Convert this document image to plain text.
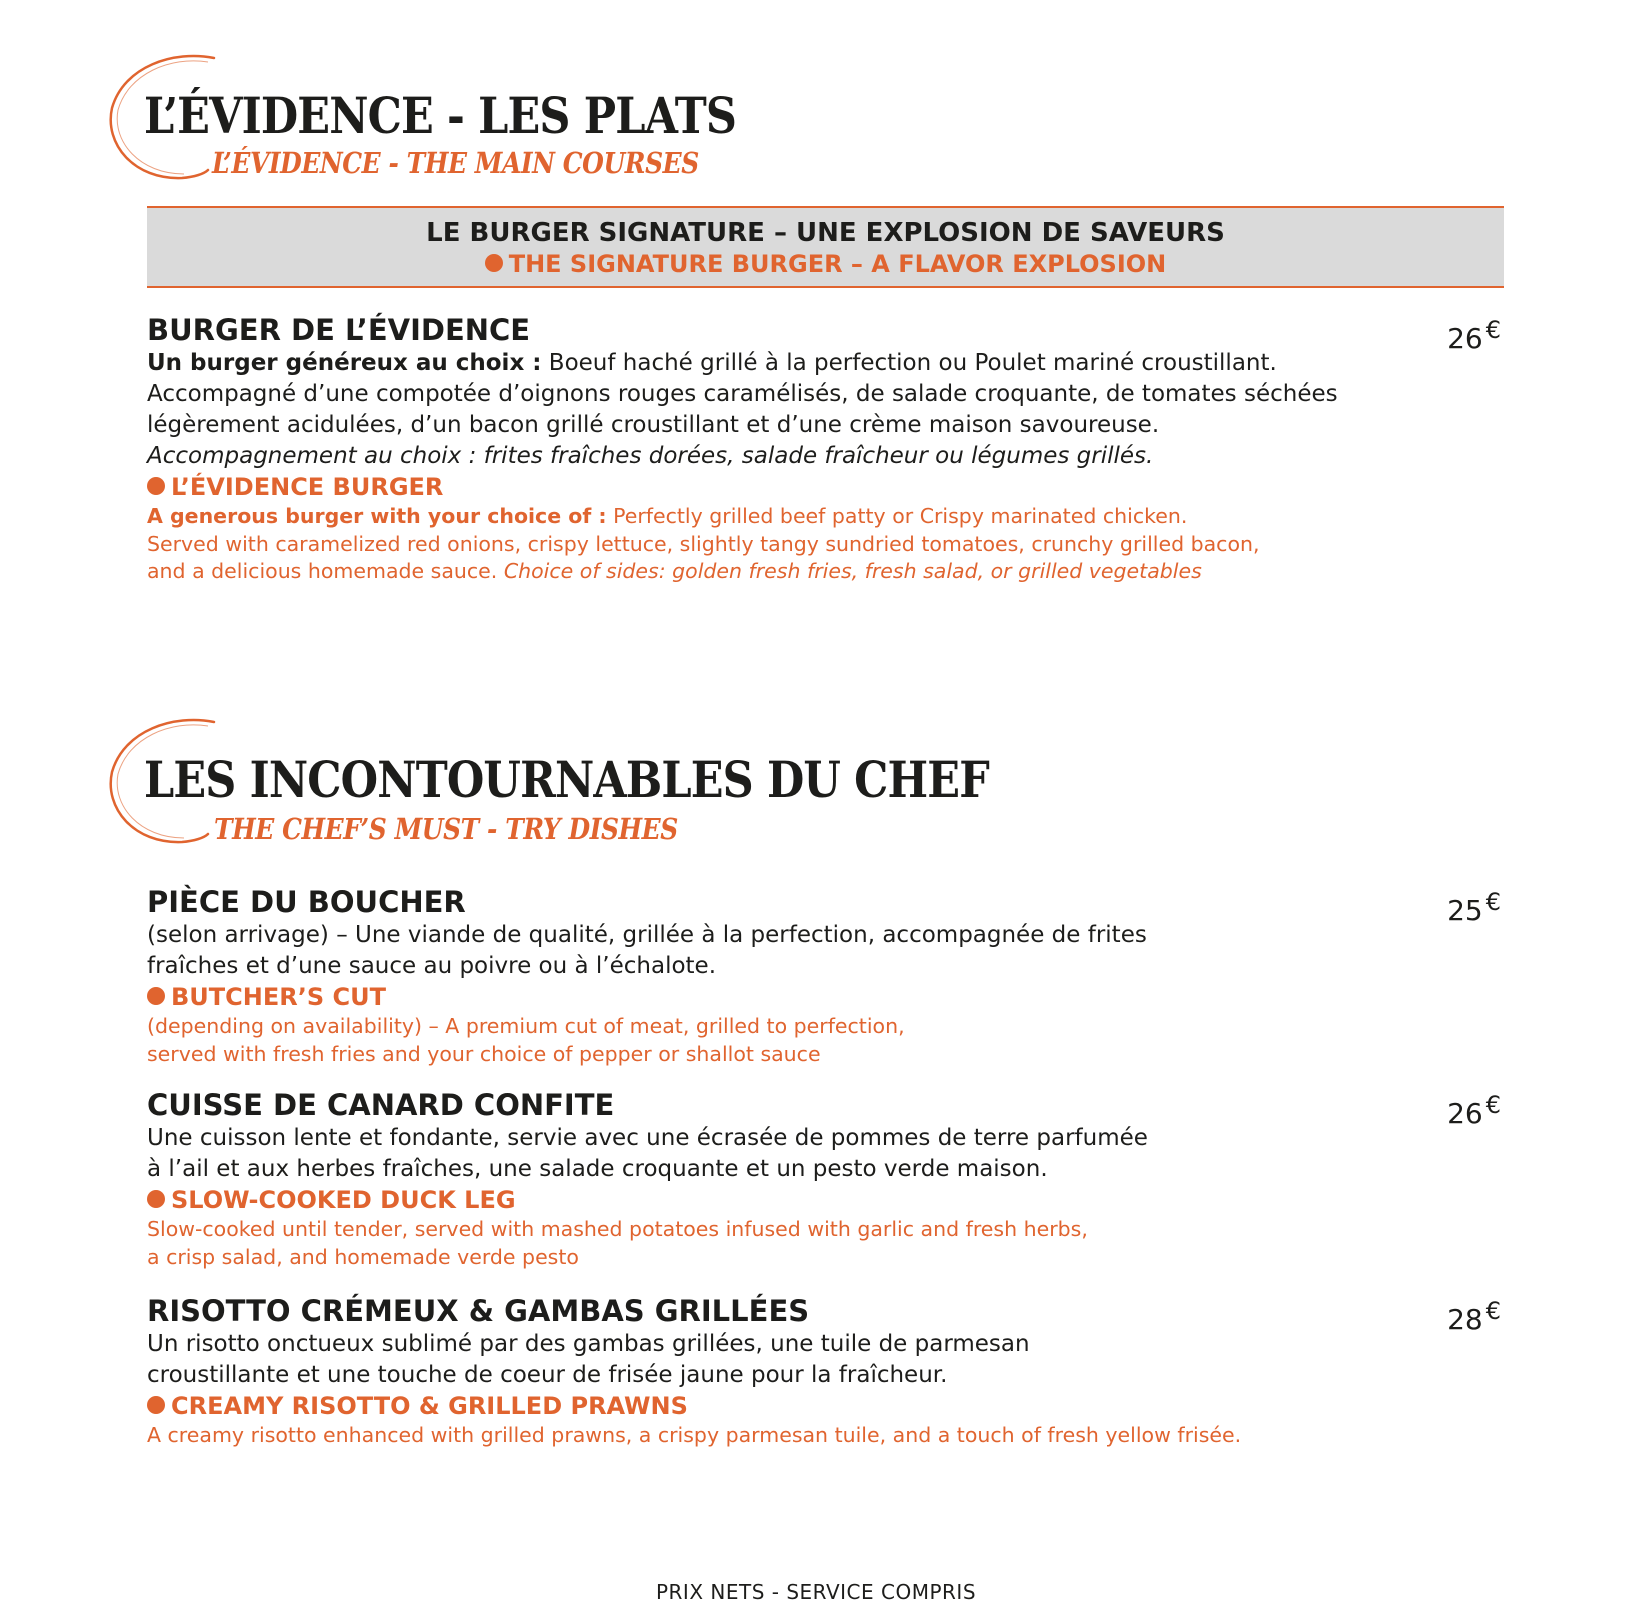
L’ÉVIDENCE - LES PLATS
L’ÉVIDENCE - THE MAIN COURSES
LE BURGER SIGNATURE – UNE EXPLOSION DE SAVEURS
THE SIGNATURE BURGER – A FLAVOR EXPLOSION
BURGER DE L’ÉVIDENCE	26 €
Un burger généreux au choix : Boeuf haché grillé à la perfection ou Poulet mariné croustillant.
Accompagné d’une compotée d’oignons rouges caramélisés, de salade croquante, de tomates séchées
légèrement acidulées, d’un bacon grillé croustillant et d’une crème maison savoureuse.
Accompagnement au choix : frites fraîches dorées, salade fraîcheur ou légumes grillés.
L’ÉVIDENCE BURGER
A generous burger with your choice of : Perfectly grilled beef patty or Crispy marinated chicken.
Served with caramelized red onions, crispy lettuce, slightly tangy sundried tomatoes, crunchy grilled bacon,
and a delicious homemade sauce. Choice of sides: golden fresh fries, fresh salad, or grilled vegetables
LES INCONTOURNABLES DU CHEF
THE CHEF’S MUST - TRY DISHES
PIÈCE DU BOUCHER	25 €
(selon arrivage) – Une viande de qualité, grillée à la perfection, accompagnée de frites
fraîches et d’une sauce au poivre ou à l’échalote.
BUTCHER’S CUT
(depending on availability) – A premium cut of meat, grilled to perfection,
served with fresh fries and your choice of pepper or shallot sauce
CUISSE DE CANARD CONFITE	26 €
Une cuisson lente et fondante, servie avec une écrasée de pommes de terre parfumée
à l’ail et aux herbes fraîches, une salade croquante et un pesto verde maison.
SLOW-COOKED DUCK LEG
Slow-cooked until tender, served with mashed potatoes infused with garlic and fresh herbs,
a crisp salad, and homemade verde pesto
RISOTTO CRÉMEUX & GAMBAS GRILLÉES	28 €
Un risotto onctueux sublimé par des gambas grillées, une tuile de parmesan
croustillante et une touche de coeur de frisée jaune pour la fraîcheur.
CREAMY RISOTTO & GRILLED PRAWNS
A creamy risotto enhanced with grilled prawns, a crispy parmesan tuile, and a touch of fresh yellow frisée.
PRIX NETS - SERVICE COMPRIS
